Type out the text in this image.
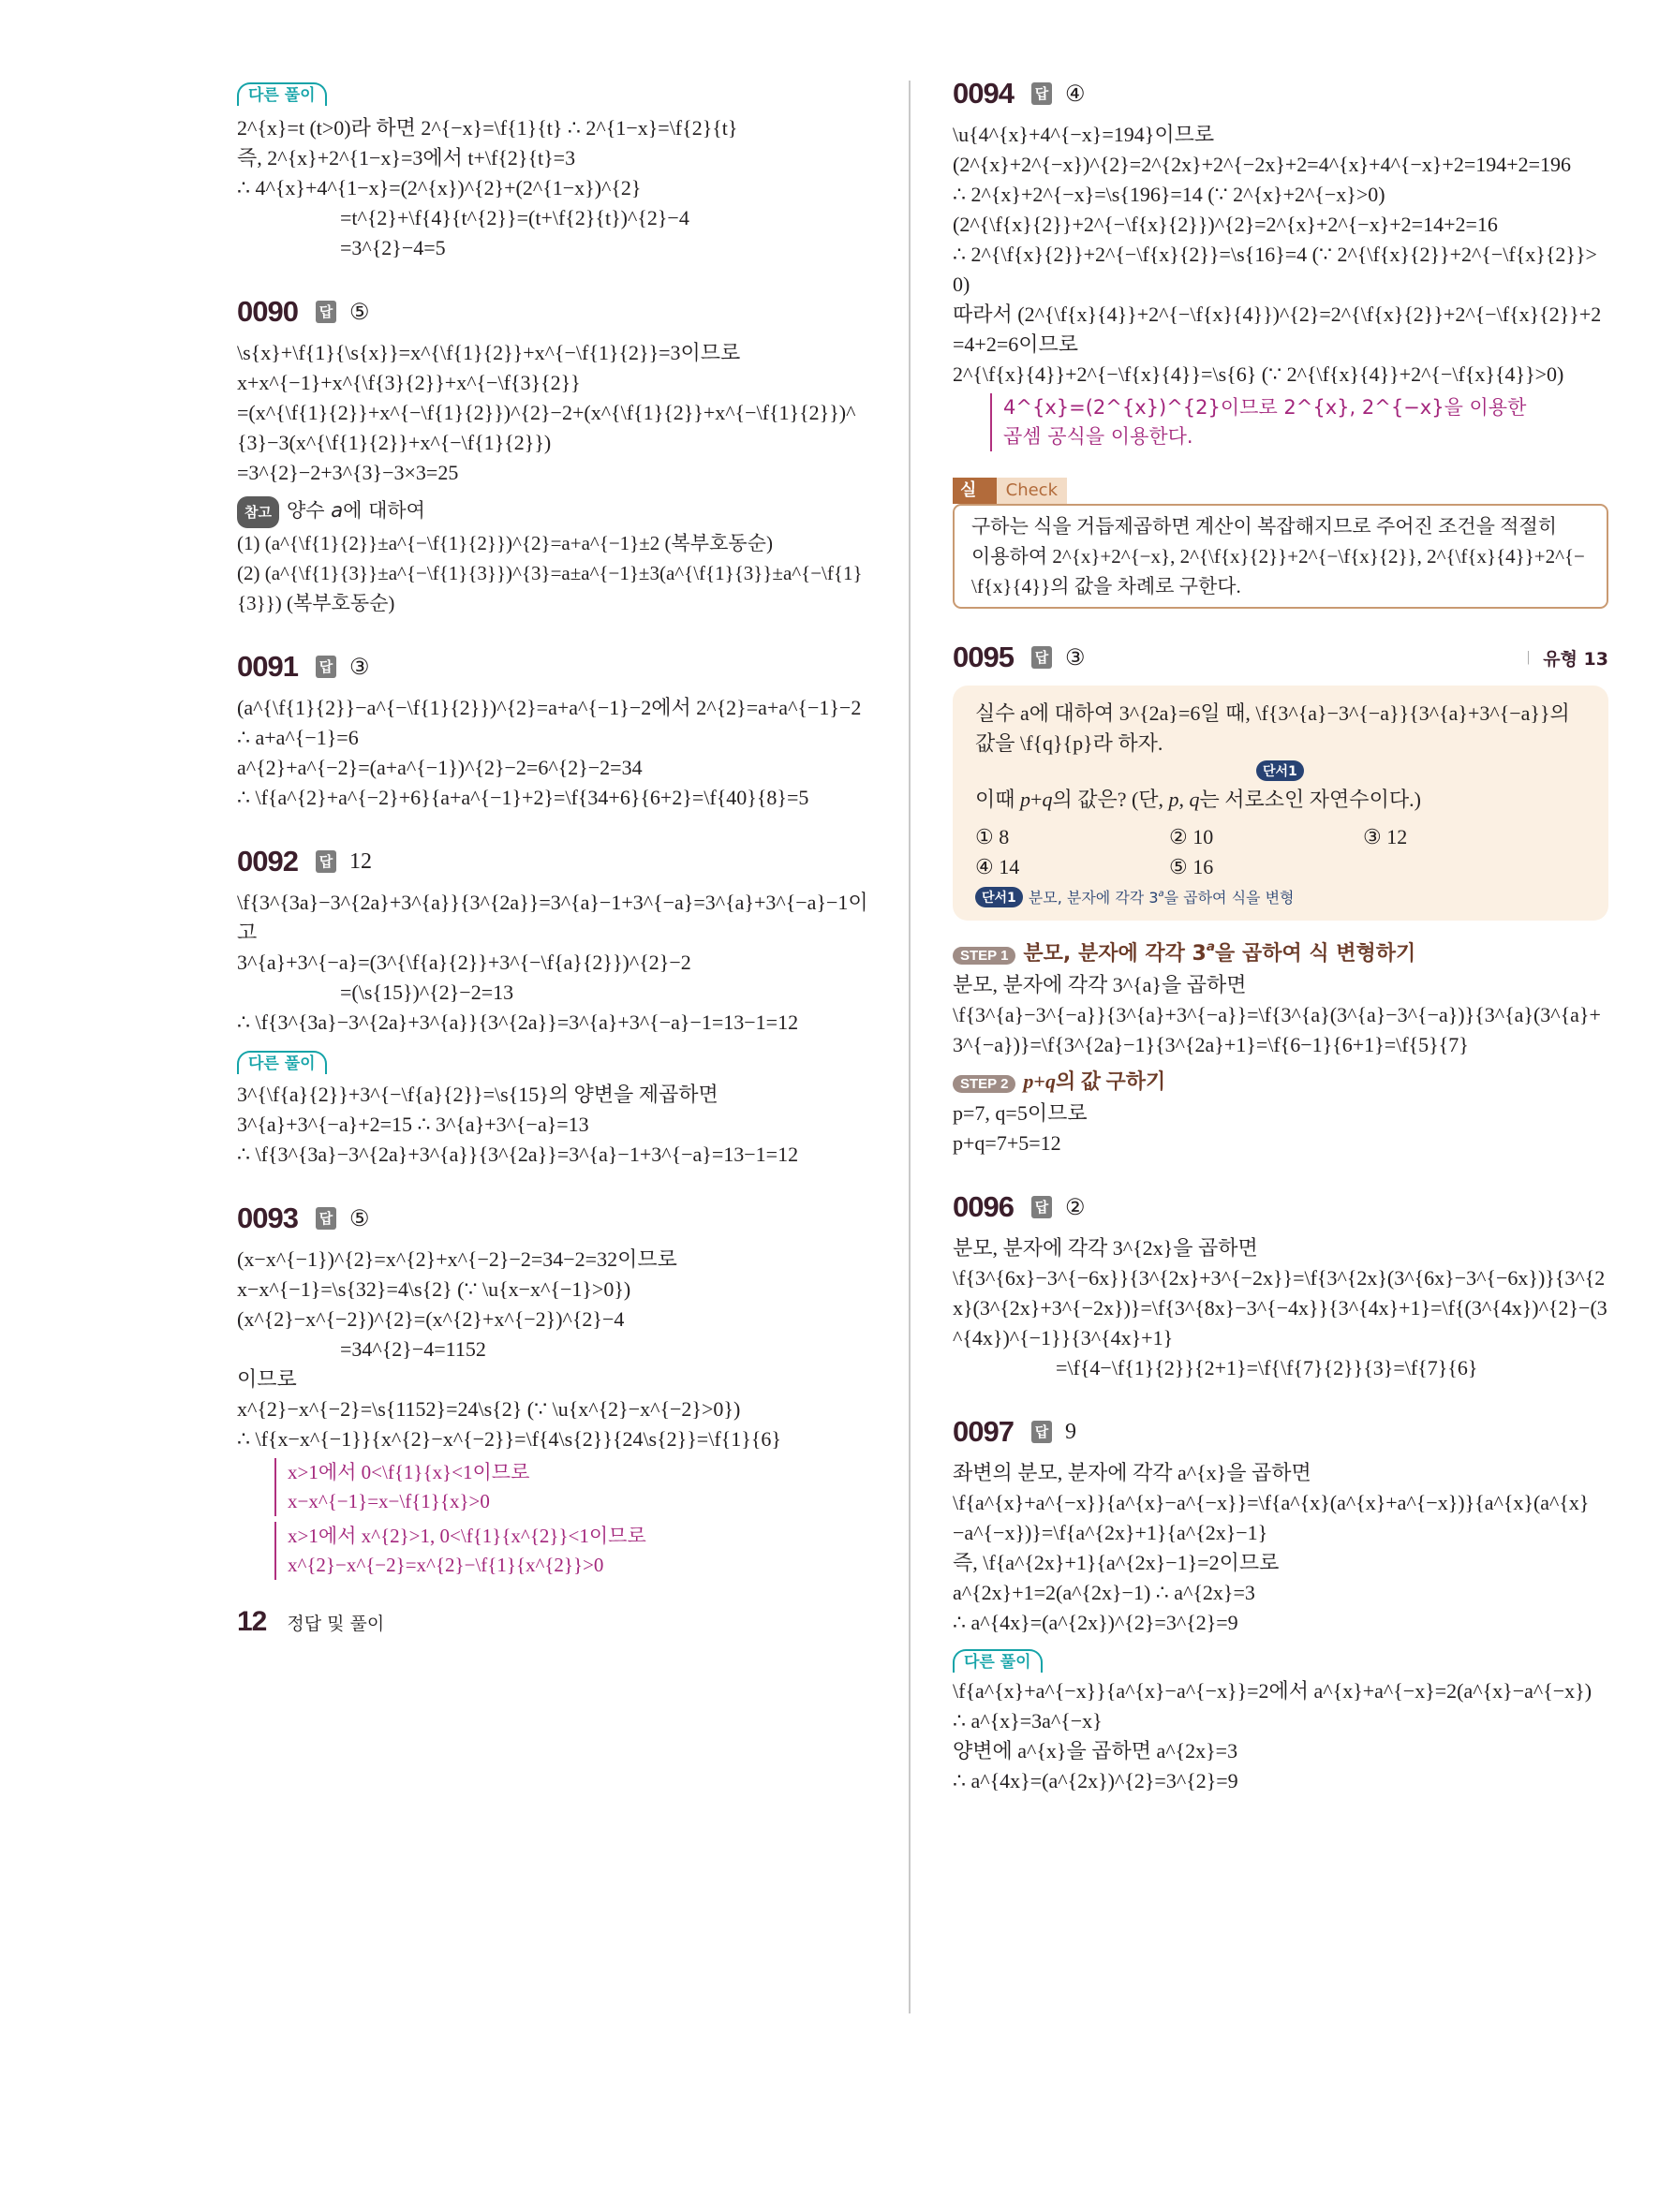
다른 풀이
2^{x}=t (t>0)라 하면 2^{−x}=\f{1}{t} ∴ 2^{1−x}=\f{2}{t}
즉, 2^{x}+2^{1−x}=3에서 t+\f{2}{t}=3
∴ 4^{x}+4^{1−x}=(2^{x})^{2}+(2^{1−x})^{2}
=t^{2}+\f{4}{t^{2}}=(t+\f{2}{t})^{2}−4
=3^{2}−4=5
0090 답 ⑤
\s{x}+\f{1}{\s{x}}=x^{\f{1}{2}}+x^{−\f{1}{2}}=3이므로
x+x^{−1}+x^{\f{3}{2}}+x^{−\f{3}{2}}
=(x^{\f{1}{2}}+x^{−\f{1}{2}})^{2}−2+(x^{\f{1}{2}}+x^{−\f{1}{2}})^{3}−3(x^{\f{1}{2}}+x^{−\f{1}{2}})
=3^{2}−2+3^{3}−3×3=25
참고 양수 a에 대하여
(1) (a^{\f{1}{2}}±a^{−\f{1}{2}})^{2}=a+a^{−1}±2 (복부호동순)
(2) (a^{\f{1}{3}}±a^{−\f{1}{3}})^{3}=a±a^{−1}±3(a^{\f{1}{3}}±a^{−\f{1}{3}}) (복부호동순)
0091 답 ③
(a^{\f{1}{2}}−a^{−\f{1}{2}})^{2}=a+a^{−1}−2에서 2^{2}=a+a^{−1}−2
∴ a+a^{−1}=6
a^{2}+a^{−2}=(a+a^{−1})^{2}−2=6^{2}−2=34
∴ \f{a^{2}+a^{−2}+6}{a+a^{−1}+2}=\f{34+6}{6+2}=\f{40}{8}=5
0092 답 12
\f{3^{3a}−3^{2a}+3^{a}}{3^{2a}}=3^{a}−1+3^{−a}=3^{a}+3^{−a}−1이고
3^{a}+3^{−a}=(3^{\f{a}{2}}+3^{−\f{a}{2}})^{2}−2
=(\s{15})^{2}−2=13
∴ \f{3^{3a}−3^{2a}+3^{a}}{3^{2a}}=3^{a}+3^{−a}−1=13−1=12
다른 풀이
3^{\f{a}{2}}+3^{−\f{a}{2}}=\s{15}의 양변을 제곱하면
3^{a}+3^{−a}+2=15 ∴ 3^{a}+3^{−a}=13
∴ \f{3^{3a}−3^{2a}+3^{a}}{3^{2a}}=3^{a}−1+3^{−a}=13−1=12
0093 답 ⑤
(x−x^{−1})^{2}=x^{2}+x^{−2}−2=34−2=32이므로
x−x^{−1}=\s{32}=4\s{2} (∵ \u{x−x^{−1}>0})
(x^{2}−x^{−2})^{2}=(x^{2}+x^{−2})^{2}−4
=34^{2}−4=1152
이므로
x^{2}−x^{−2}=\s{1152}=24\s{2} (∵ \u{x^{2}−x^{−2}>0})
∴ \f{x−x^{−1}}{x^{2}−x^{−2}}=\f{4\s{2}}{24\s{2}}=\f{1}{6}
x>1에서 0<\f{1}{x}<1이므로
x−x^{−1}=x−\f{1}{x}>0
x>1에서 x^{2}>1, 0<\f{1}{x^{2}}<1이므로
x^{2}−x^{−2}=x^{2}−\f{1}{x^{2}}>0
12 정답 및 풀이
0094 답 ④
\u{4^{x}+4^{−x}=194}이므로
(2^{x}+2^{−x})^{2}=2^{2x}+2^{−2x}+2=4^{x}+4^{−x}+2=194+2=196
∴ 2^{x}+2^{−x}=\s{196}=14 (∵ 2^{x}+2^{−x}>0)
(2^{\f{x}{2}}+2^{−\f{x}{2}})^{2}=2^{x}+2^{−x}+2=14+2=16
∴ 2^{\f{x}{2}}+2^{−\f{x}{2}}=\s{16}=4 (∵ 2^{\f{x}{2}}+2^{−\f{x}{2}}>0)
따라서 (2^{\f{x}{4}}+2^{−\f{x}{4}})^{2}=2^{\f{x}{2}}+2^{−\f{x}{2}}+2=4+2=6이므로
2^{\f{x}{4}}+2^{−\f{x}{4}}=\s{6} (∵ 2^{\f{x}{4}}+2^{−\f{x}{4}}>0)
4^{x}=(2^{x})^{2}이므로 2^{x}, 2^{−x}을 이용한
곱셈 공식을 이용한다.
실수
Check
구하는 식을 거듭제곱하면 계산이 복잡해지므로 주어진 조건을 적절히
이용하여 2^{x}+2^{−x}, 2^{\f{x}{2}}+2^{−\f{x}{2}}, 2^{\f{x}{4}}+2^{−\f{x}{4}}의 값을 차례로 구한다.
0095 답 ③	| 유형 13
실수 a에 대하여 3^{2a}=6일 때, \f{3^{a}−3^{−a}}{3^{a}+3^{−a}}의 값을 \f{q}{p}라 하자.
단서1
이때 p+q의 값은? (단, p, q는 서로소인 자연수이다.)
① 8	② 10	③ 12
④ 14	⑤ 16
단서1 분모, 분자에 각각 3$^a$을 곱하여 식을 변형
STEP 1 분모, 분자에 각각 3$^a$을 곱하여 식 변형하기
분모, 분자에 각각 3^{a}을 곱하면
\f{3^{a}−3^{−a}}{3^{a}+3^{−a}}=\f{3^{a}(3^{a}−3^{−a})}{3^{a}(3^{a}+3^{−a})}=\f{3^{2a}−1}{3^{2a}+1}=\f{6−1}{6+1}=\f{5}{7}
STEP 2 p+q의 값 구하기
p=7, q=5이므로
p+q=7+5=12
0096 답 ②
분모, 분자에 각각 3^{2x}을 곱하면
\f{3^{6x}−3^{−6x}}{3^{2x}+3^{−2x}}=\f{3^{2x}(3^{6x}−3^{−6x})}{3^{2x}(3^{2x}+3^{−2x})}=\f{3^{8x}−3^{−4x}}{3^{4x}+1}=\f{(3^{4x})^{2}−(3^{4x})^{−1}}{3^{4x}+1}
=\f{4−\f{1}{2}}{2+1}=\f{\f{7}{2}}{3}=\f{7}{6}
0097 답 9
좌변의 분모, 분자에 각각 a^{x}을 곱하면
\f{a^{x}+a^{−x}}{a^{x}−a^{−x}}=\f{a^{x}(a^{x}+a^{−x})}{a^{x}(a^{x}−a^{−x})}=\f{a^{2x}+1}{a^{2x}−1}
즉, \f{a^{2x}+1}{a^{2x}−1}=2이므로
a^{2x}+1=2(a^{2x}−1) ∴ a^{2x}=3
∴ a^{4x}=(a^{2x})^{2}=3^{2}=9
다른 풀이
\f{a^{x}+a^{−x}}{a^{x}−a^{−x}}=2에서 a^{x}+a^{−x}=2(a^{x}−a^{−x}) ∴ a^{x}=3a^{−x}
양변에 a^{x}을 곱하면 a^{2x}=3
∴ a^{4x}=(a^{2x})^{2}=3^{2}=9
